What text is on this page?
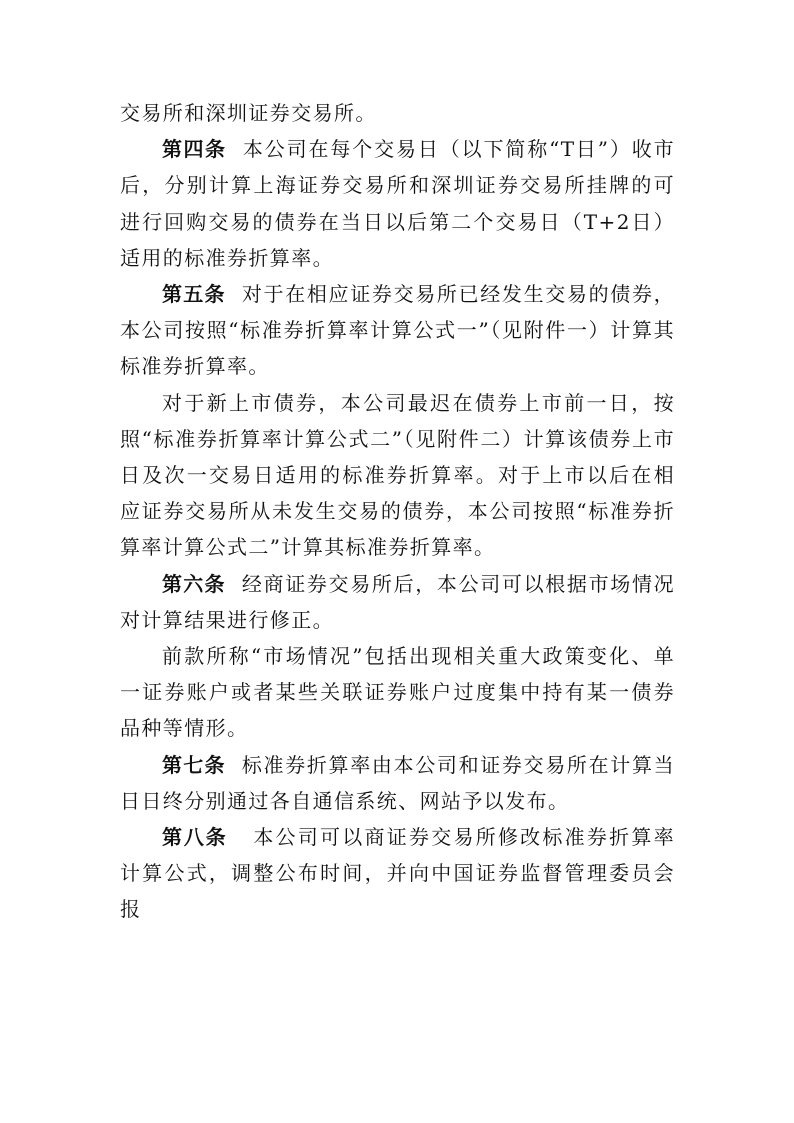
交易所和深圳证券交易所。

第四条 本公司在每个交易日（以下简称“T日”）收市后，分别计算上海证券交易所和深圳证券交易所挂牌的可进行回购交易的债券在当日以后第二个交易日（T+2日）适用的标准券折算率。

第五条 对于在相应证券交易所已经发生交易的债券，本公司按照“标准券折算率计算公式一”（见附件一）计算其标准券折算率。

对于新上市债券，本公司最迟在债券上市前一日，按照“标准券折算率计算公式二”（见附件二）计算该债券上市日及次一交易日适用的标准券折算率。对于上市以后在相应证券交易所从未发生交易的债券，本公司按照“标准券折算率计算公式二”计算其标准券折算率。

第六条 经商证券交易所后，本公司可以根据市场情况对计算结果进行修正。

前款所称“市场情况”包括出现相关重大政策变化、单一证券账户或者某些关联证券账户过度集中持有某一债券品种等情形。

第七条 标准券折算率由本公司和证券交易所在计算当日日终分别通过各自通信系统、网站予以发布。

第八条 本公司可以商证券交易所修改标准券折算率计算公式，调整公布时间，并向中国证券监督管理委员会报
